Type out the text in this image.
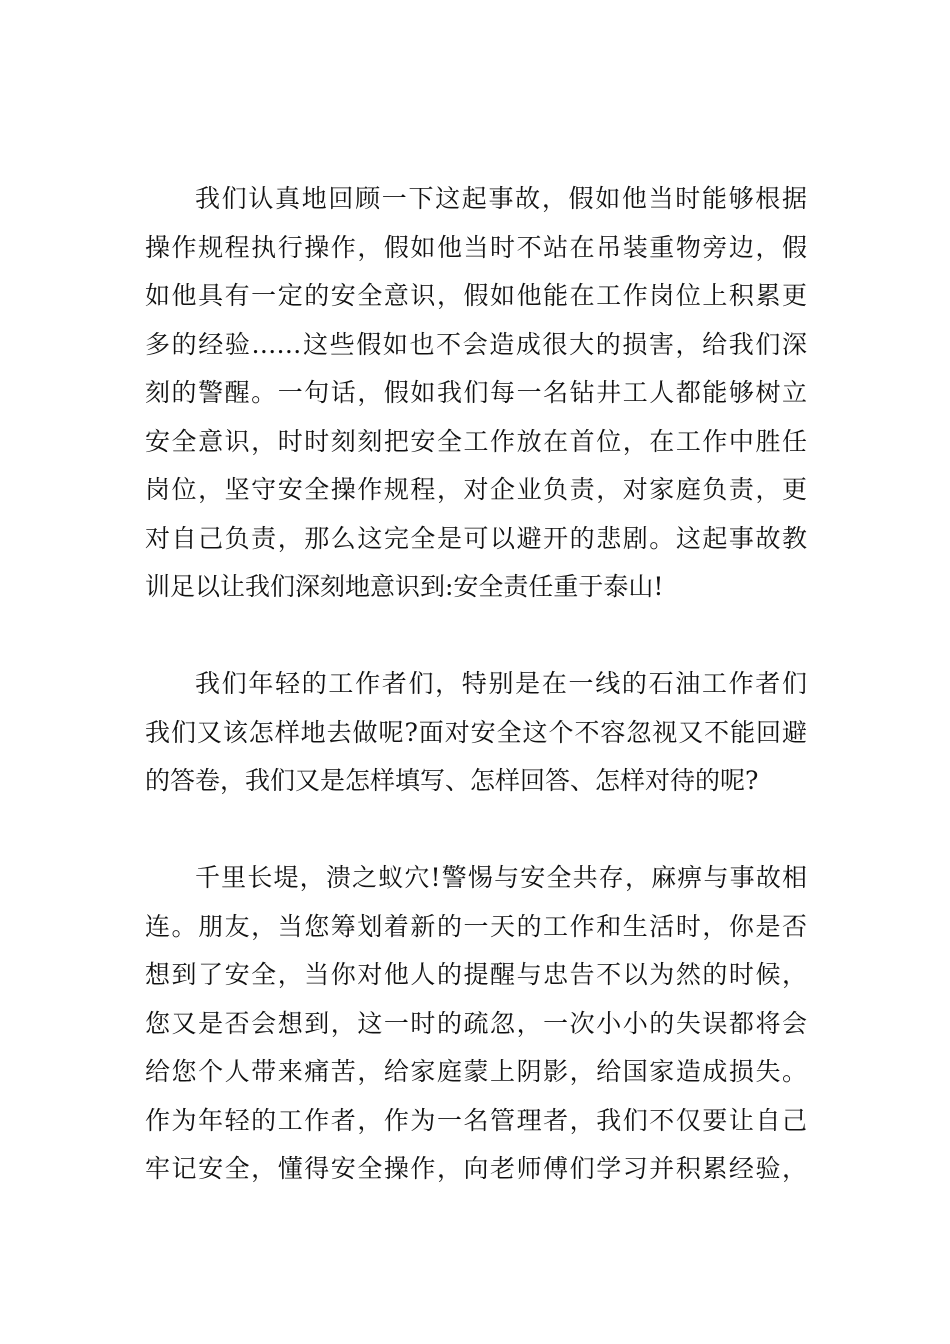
我们认真地回顾一下这起事故，假如他当时能够根据
操作规程执行操作，假如他当时不站在吊装重物旁边，假
如他具有一定的安全意识，假如他能在工作岗位上积累更
多的经验……这些假如也不会造成很大的损害，给我们深
刻的警醒。一句话，假如我们每一名钻井工人都能够树立
安全意识，时时刻刻把安全工作放在首位，在工作中胜任
岗位，坚守安全操作规程，对企业负责，对家庭负责，更
对自己负责，那么这完全是可以避开的悲剧。这起事故教
训足以让我们深刻地意识到:安全责任重于泰山!
我们年轻的工作者们，特别是在一线的石油工作者们
我们又该怎样地去做呢?面对安全这个不容忽视又不能回避
的答卷，我们又是怎样填写、怎样回答、怎样对待的呢?
千里长堤，溃之蚁穴!警惕与安全共存，麻痹与事故相
连。朋友，当您筹划着新的一天的工作和生活时，你是否
想到了安全，当你对他人的提醒与忠告不以为然的时候，
您又是否会想到，这一时的疏忽，一次小小的失误都将会
给您个人带来痛苦，给家庭蒙上阴影，给国家造成损失。
作为年轻的工作者，作为一名管理者，我们不仅要让自己
牢记安全，懂得安全操作，向老师傅们学习并积累经验，
